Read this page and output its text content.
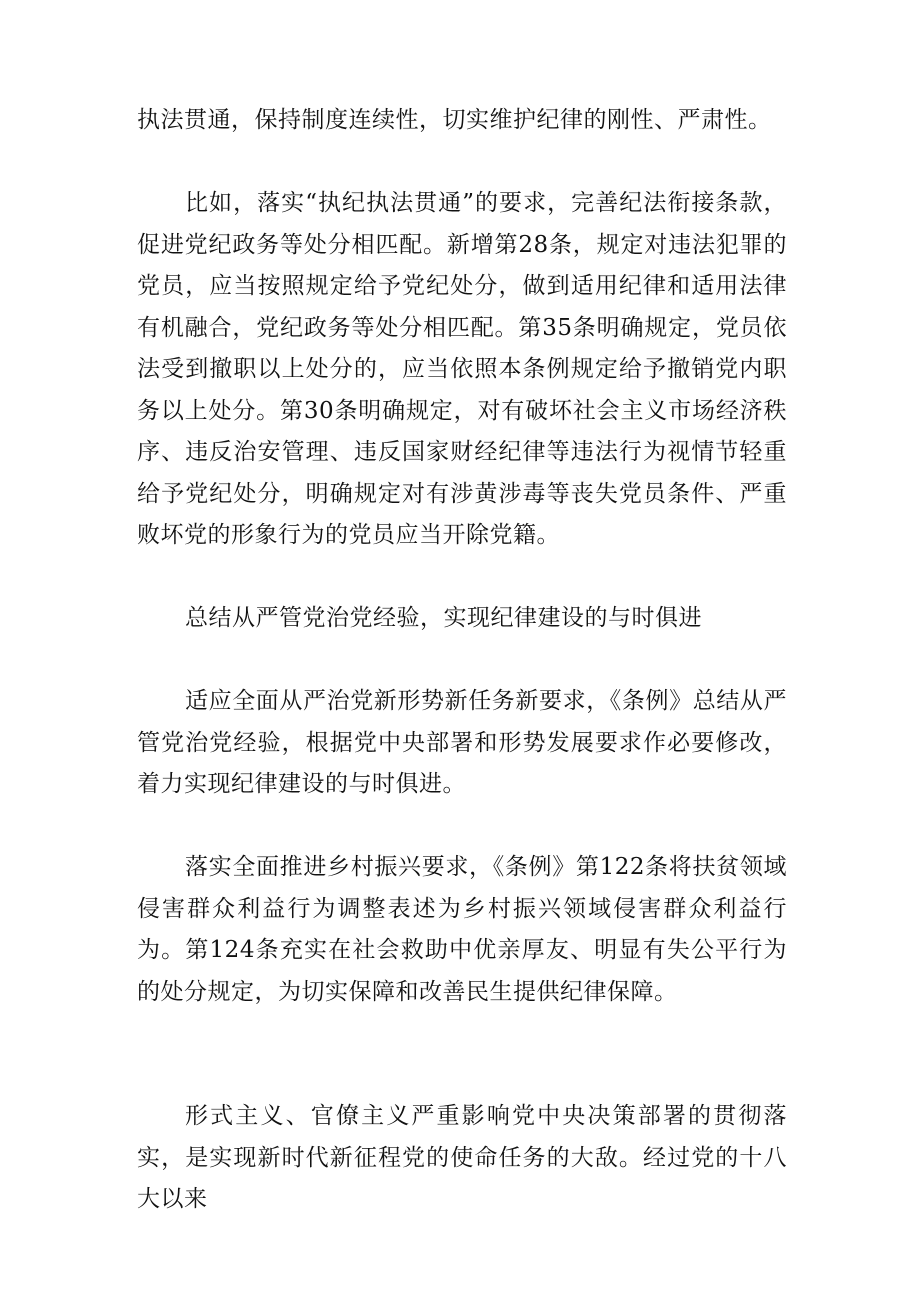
执法贯通，保持制度连续性，切实维护纪律的刚性、严肃性。

比如，落实“执纪执法贯通”的要求，完善纪法衔接条款，促进党纪政务等处分相匹配。新增第28条，规定对违法犯罪的党员，应当按照规定给予党纪处分，做到适用纪律和适用法律有机融合，党纪政务等处分相匹配。第35条明确规定，党员依法受到撤职以上处分的，应当依照本条例规定给予撤销党内职务以上处分。第30条明确规定，对有破坏社会主义市场经济秩序、违反治安管理、违反国家财经纪律等违法行为视情节轻重给予党纪处分，明确规定对有涉黄涉毒等丧失党员条件、严重败坏党的形象行为的党员应当开除党籍。

总结从严管党治党经验，实现纪律建设的与时俱进

适应全面从严治党新形势新任务新要求，《条例》总结从严管党治党经验，根据党中央部署和形势发展要求作必要修改，着力实现纪律建设的与时俱进。

落实全面推进乡村振兴要求，《条例》第122条将扶贫领域侵害群众利益行为调整表述为乡村振兴领域侵害群众利益行为。第124条充实在社会救助中优亲厚友、明显有失公平行为的处分规定，为切实保障和改善民生提供纪律保障。

形式主义、官僚主义严重影响党中央决策部署的贯彻落实，是实现新时代新征程党的使命任务的大敌。经过党的十八大以来
